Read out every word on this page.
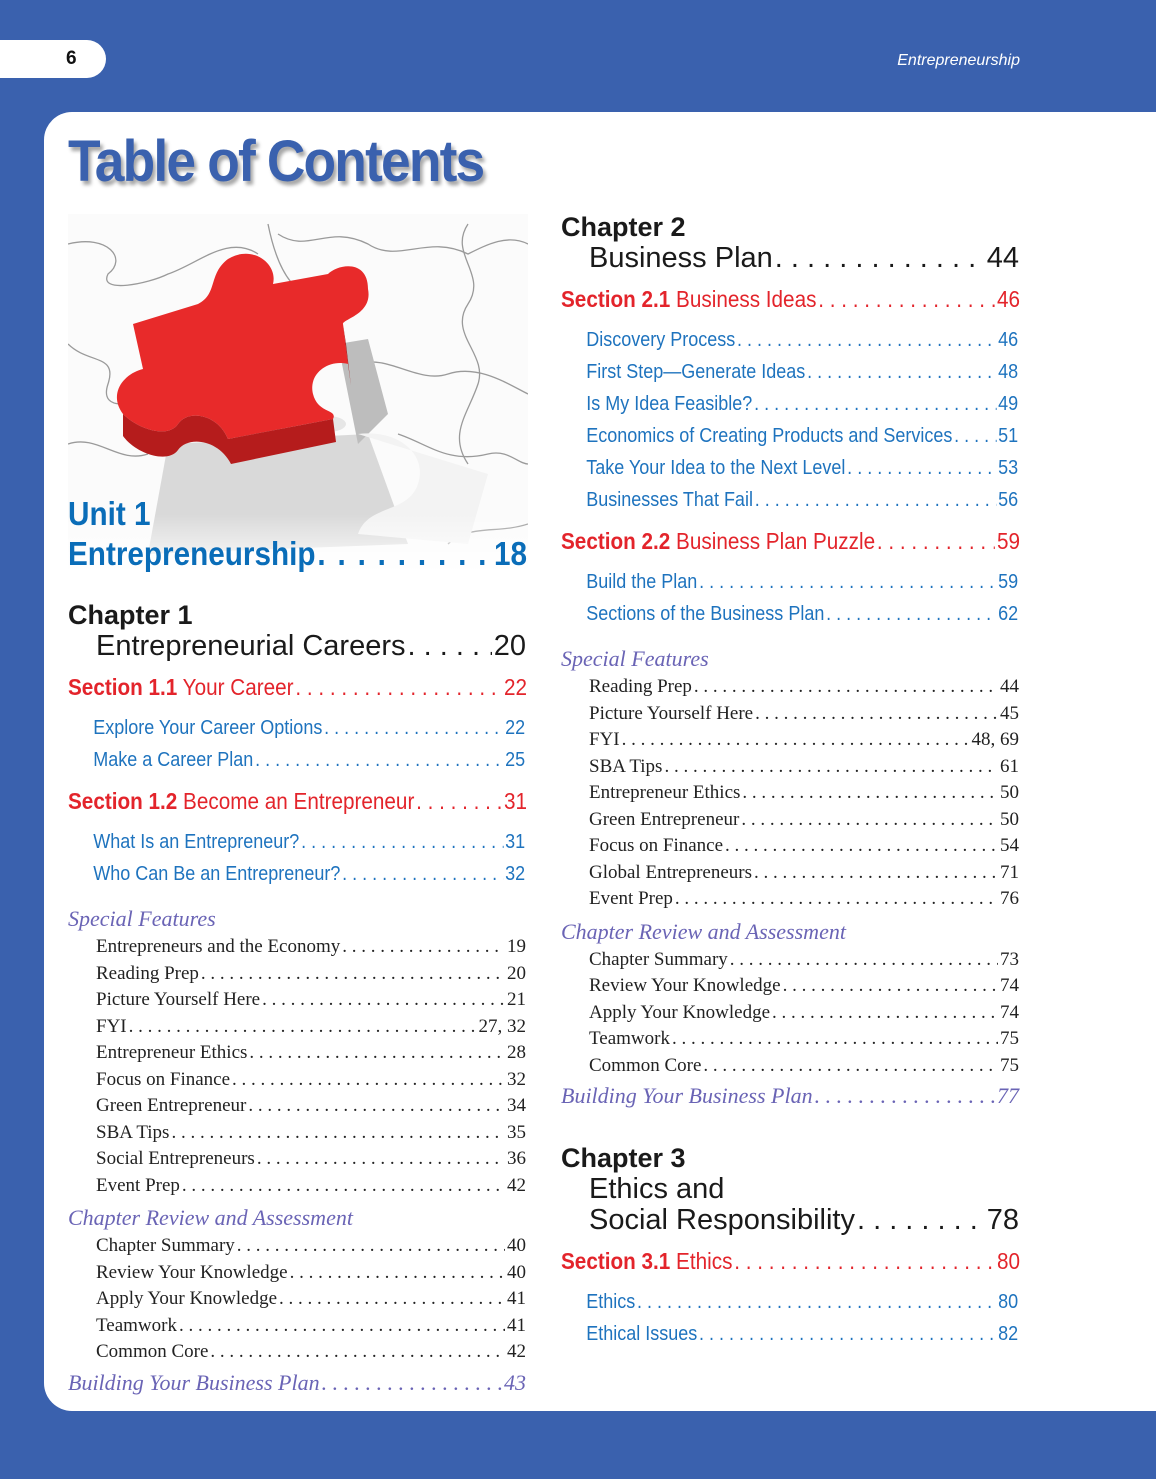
6	Entrepreneurship
Table of Contents
Unit 1
Entrepreneurship . . .	18
Chapter 1
Entrepreneurial Careers . . .	20
Section 1.1 Your Career . . .	22
Explore Your Career Options . . .	22
Make a Career Plan . . .	25
Section 1.2 Become an Entrepreneur . . .	31
What Is an Entrepreneur? . . .	31
Who Can Be an Entrepreneur? . . .	32
Special Features
Entrepreneurs and the Economy . . .	19
Reading Prep . . .	20
Picture Yourself Here . . .	21
FYI . . .	27, 32
Entrepreneur Ethics . . .	28
Focus on Finance . . .	32
Green Entrepreneur . . .	34
SBA Tips . . .	35
Social Entrepreneurs . . .	36
Event Prep . . .	42
Chapter Review and Assessment
Chapter Summary . . .	40
Review Your Knowledge . . .	40
Apply Your Knowledge . . .	41
Teamwork . . .	41
Common Core . . .	42
Building Your Business Plan . . .	43
Chapter 2
Business Plan . . .	44
Section 2.1 Business Ideas . . .	46
Discovery Process . . .	46
First Step—Generate Ideas . . .	48
Is My Idea Feasible? . . .	49
Economics of Creating Products and Services . . . 51
Take Your Idea to the Next Level . . .	53
Businesses That Fail . . .	56
Section 2.2 Business Plan Puzzle . . .	59
Build the Plan . . .	59
Sections of the Business Plan . . .	62
Special Features
Reading Prep . . .	44
Picture Yourself Here . . .	45
FYI . . .	48, 69
SBA Tips . . .	61
Entrepreneur Ethics . . .	50
Green Entrepreneur . . .	50
Focus on Finance . . .	54
Global Entrepreneurs . . .	71
Event Prep . . .	76
Chapter Review and Assessment
Chapter Summary . . .	73
Review Your Knowledge . . .	74
Apply Your Knowledge . . .	74
Teamwork . . .	75
Common Core . . .	75
Building Your Business Plan . . .	77
Chapter 3
Ethics and
Social Responsibility . . .	78
Section 3.1 Ethics . . .	80
Ethics . . .	80
Ethical Issues . . .	82
